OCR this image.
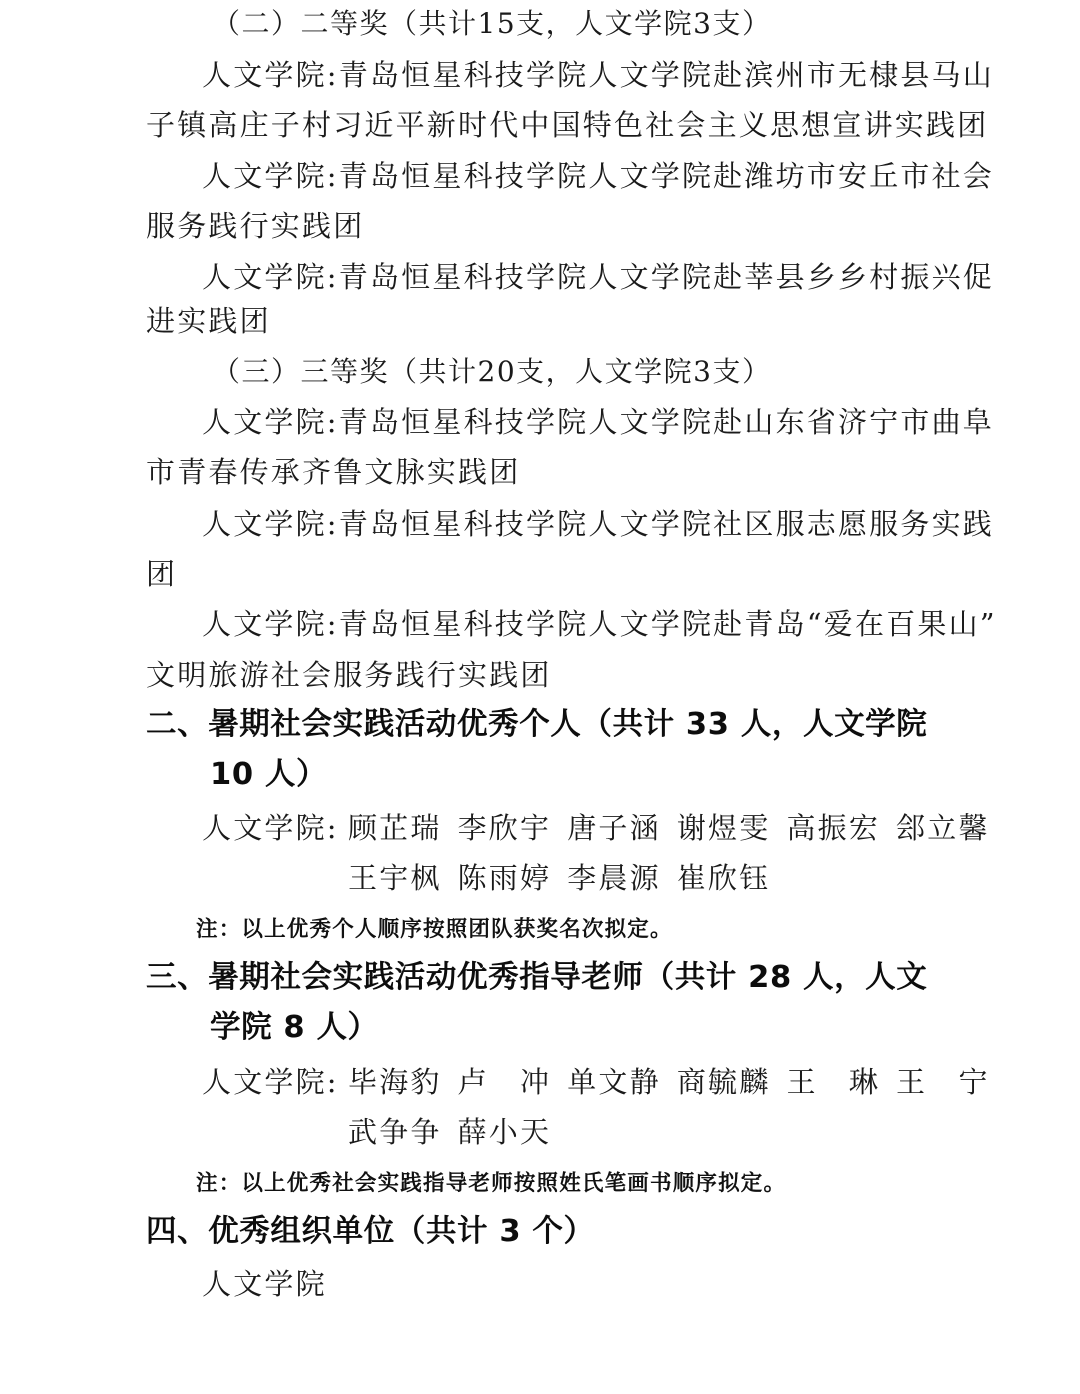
（二）二等奖（共计15支，人文学院3支）
人文学院:青岛恒星科技学院人文学院赴滨州市无棣县马山
子镇高庄子村习近平新时代中国特色社会主义思想宣讲实践团
人文学院:青岛恒星科技学院人文学院赴潍坊市安丘市社会
服务践行实践团
人文学院:青岛恒星科技学院人文学院赴莘县乡乡村振兴促
进实践团
（三）三等奖（共计20支，人文学院3支）
人文学院:青岛恒星科技学院人文学院赴山东省济宁市曲阜
市青春传承齐鲁文脉实践团
人文学院:青岛恒星科技学院人文学院社区服志愿服务实践
团
人文学院:青岛恒星科技学院人文学院赴青岛“爱在百果山”
文明旅游社会服务践行实践团
二、暑期社会实践活动优秀个人（共计 33 人，人文学院
10 人）
人文学院: 顾芷瑞 李欣宇 唐子涵 谢煜雯 高振宏 郐立馨
王宇枫 陈雨婷 李晨源 崔欣钰
注：以上优秀个人顺序按照团队获奖名次拟定。
三、暑期社会实践活动优秀指导老师（共计 28 人，人文
学院 8 人）
人文学院: 毕海豹 卢　冲 单文静 商毓麟 王　琳 王　宁
武争争 薛小天
注：以上优秀社会实践指导老师按照姓氏笔画书顺序拟定。
四、优秀组织单位（共计 3 个）
人文学院
